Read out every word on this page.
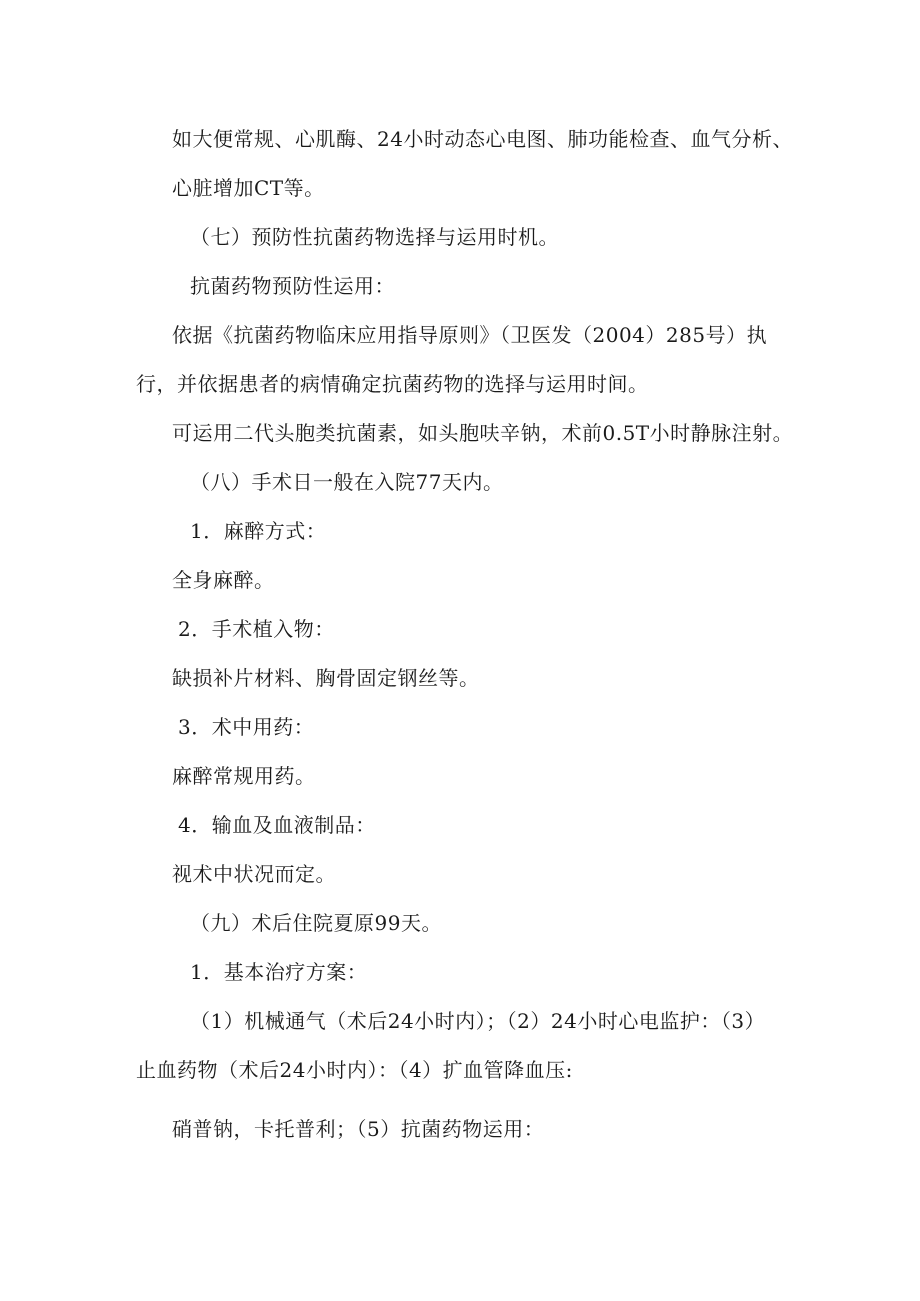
如大便常规、心肌酶、24小时动态心电图、肺功能检查、血气分析、
心脏增加CT等。
（七）预防性抗菌药物选择与运用时机。
抗菌药物预防性运用：
依据《抗菌药物临床应用指导原则》（卫医发（2004）285号）执
行，并依据患者的病情确定抗菌药物的选择与运用时间。
可运用二代头胞类抗菌素，如头胞呋辛钠，术前0.5T小时静脉注射。
（八）手术日一般在入院77天内。
1．麻醉方式：
全身麻醉。
2．手术植入物：
缺损补片材料、胸骨固定钢丝等。
3．术中用药：
麻醉常规用药。
4．输血及血液制品：
视术中状况而定。
（九）术后住院夏原99天。
1．基本治疗方案：
（1）机械通气（术后24小时内）；（2）24小时心电监护：（3）
止血药物（术后24小时内）：（4）扩血管降血压:
硝普钠，卡托普利；（5）抗菌药物运用：
